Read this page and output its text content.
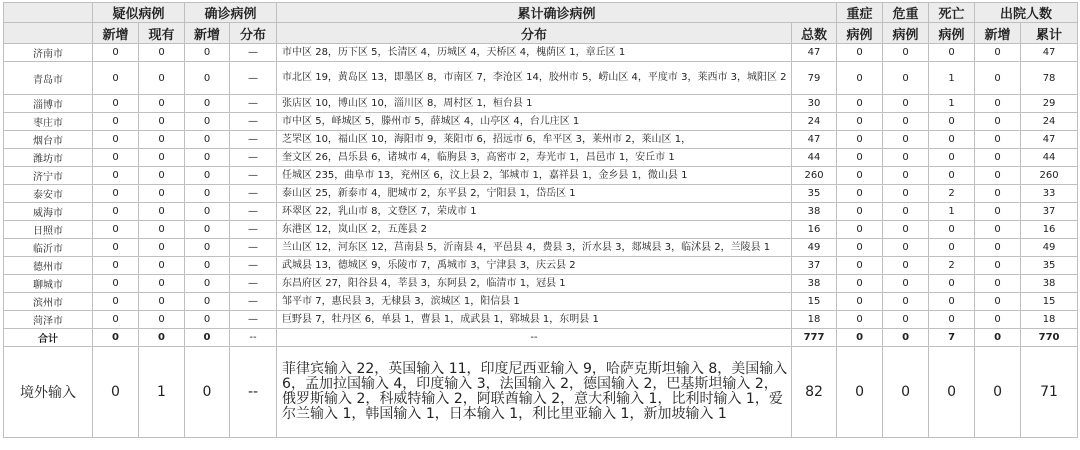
	疑似病例		确诊病例		累计确诊病例		重症	危重	死亡	出院人数	
	新增	现有	新增	分布	分布	总数	病例	病例	病例	新增	累计
济南市	0	0	0	—	市中区 28，历下区 5，长清区 4，历城区 4，天桥区 4，槐荫区 1，章丘区 1	47	0	0	0	0	47
青岛市	0	0	0	—	市北区 19，黄岛区 13，即墨区 8，市南区 7，李沧区 14，胶州市 5，崂山区 4，平度市 3，莱西市 3，城阳区 2	79	0	0	1	0	78
淄博市	0	0	0	—	张店区 10，博山区 10，淄川区 8，周村区 1，桓台县 1	30	0	0	1	0	29
枣庄市	0	0	0	—	市中区 5，峄城区 5，滕州市 5，薛城区 4，山亭区 4，台儿庄区 1	24	0	0	0	0	24
烟台市	0	0	0	—	芝罘区 10，福山区 10，海阳市 9，莱阳市 6，招远市 6，牟平区 3，莱州市 2，莱山区 1，	47	0	0	0	0	47
潍坊市	0	0	0	—	奎文区 26，昌乐县 6，诸城市 4，临朐县 3，高密市 2，寿光市 1，昌邑市 1，安丘市 1	44	0	0	0	0	44
济宁市	0	0	0	—	任城区 235，曲阜市 13，兖州区 6，汶上县 2，邹城市 1，嘉祥县 1，金乡县 1，微山县 1	260	0	0	0	0	260
泰安市	0	0	0	—	泰山区 25，新泰市 4，肥城市 2，东平县 2，宁阳县 1，岱岳区 1	35	0	0	2	0	33
威海市	0	0	0	—	环翠区 22，乳山市 8，文登区 7，荣成市 1	38	0	0	1	0	37
日照市	0	0	0	—	东港区 12，岚山区 2，五莲县 2	16	0	0	0	0	16
临沂市	0	0	0	—	兰山区 12，河东区 12，莒南县 5，沂南县 4，平邑县 4，费县 3，沂水县 3，郯城县 3，临沭县 2，兰陵县 1	49	0	0	0	0	49
德州市	0	0	0	—	武城县 13，德城区 9，乐陵市 7，禹城市 3，宁津县 3，庆云县 2	37	0	0	2	0	35
聊城市	0	0	0	—	东昌府区 27，阳谷县 4，莘县 3，东阿县 2，临清市 1，冠县 1	38	0	0	0	0	38
滨州市	0	0	0	—	邹平市 7，惠民县 3，无棣县 3，滨城区 1，阳信县 1	15	0	0	0	0	15
菏泽市	0	0	0	—	巨野县 7，牡丹区 6，单县 1，曹县 1，成武县 1，郓城县 1，东明县 1	18	0	0	0	0	18
合计	0	0	0	--	--	777	0	0	7	0	770
境外输入	0	1	0	--	菲律宾输入 22，英国输入 11，印度尼西亚输入 9，哈萨克斯坦输入 8，美国输入 6，孟加拉国输入 4，印度输入 3，法国输入 2，德国输入 2，巴基斯坦输入 2，俄罗斯输入 2，科威特输入 2，阿联酋输入 2，意大利输入 1，比利时输入 1，爱尔兰输入 1，韩国输入 1，日本输入 1，利比里亚输入 1，新加坡输入 1	82	0	0	0	0	71
